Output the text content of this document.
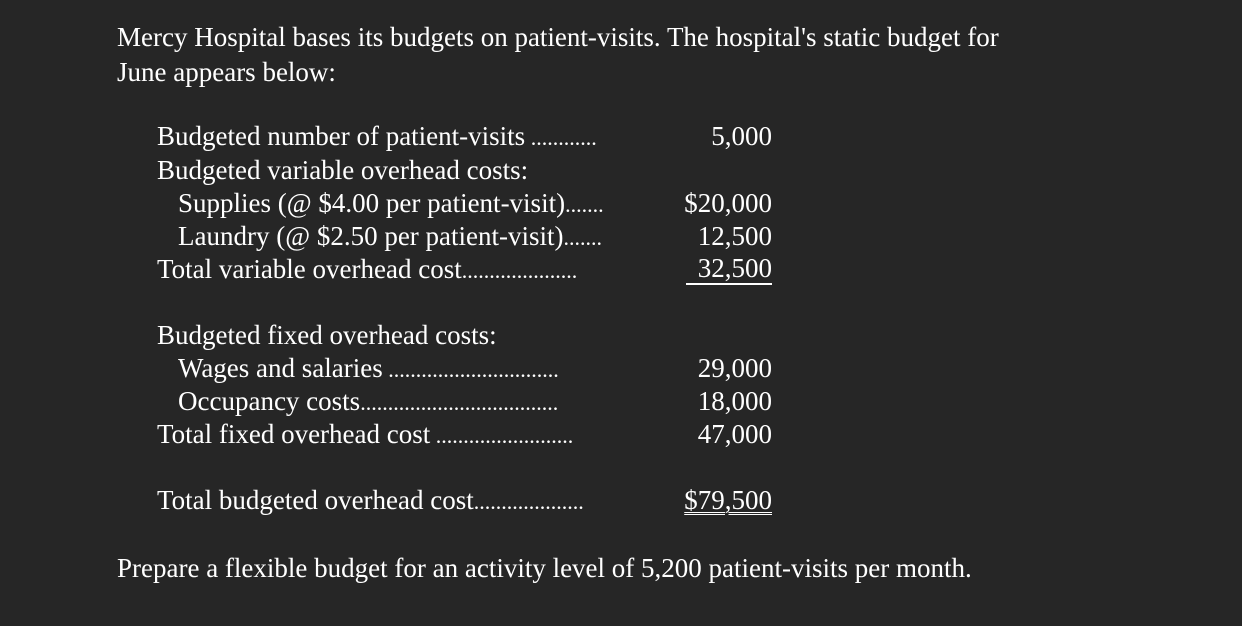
Mercy Hospital bases its budgets on patient-visits. The hospital's static budget for
June appears below:

Budgeted number of patient-visits ............	5,000
Budgeted variable overhead costs:
Supplies (@ $4.00 per patient-visit).......	$20,000
Laundry (@ $2.50 per patient-visit).......	12,500
Total variable overhead cost.....................	32,500
Budgeted fixed overhead costs:
Wages and salaries ...............................	29,000
Occupancy costs....................................	18,000
Total fixed overhead cost .........................	47,000
Total budgeted overhead cost....................	$79,500

Prepare a flexible budget for an activity level of 5,200 patient-visits per month.
